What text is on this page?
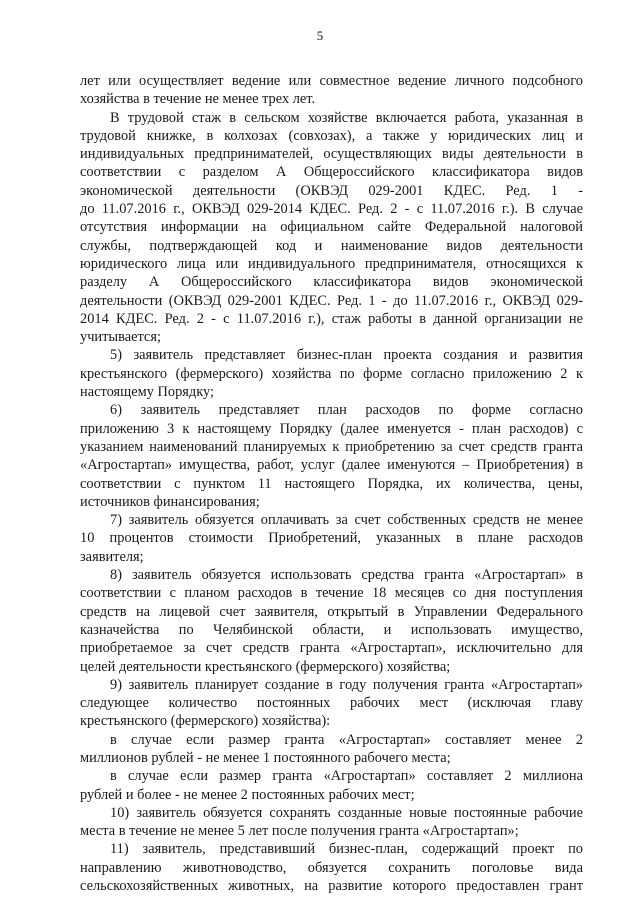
5

лет или осуществляет ведение или совместное ведение личного подсобного

хозяйства в течение не менее трех лет.

В трудовой стаж в сельском хозяйстве включается работа, указанная в

трудовой книжке, в колхозах (совхозах), а также у юридических лиц и

индивидуальных предпринимателей, осуществляющих виды деятельности в

соответствии с разделом А Общероссийского классификатора видов

экономической деятельности (ОКВЭД 029-2001 КДЕС. Ред. 1 -

до 11.07.2016 г., ОКВЭД 029-2014 КДЕС. Ред. 2 - с 11.07.2016 г.). В случае

отсутствия информации на официальном сайте Федеральной налоговой

службы, подтверждающей код и наименование видов деятельности

юридического лица или индивидуального предпринимателя, относящихся к

разделу А Общероссийского классификатора видов экономической

деятельности (ОКВЭД 029-2001 КДЕС. Ред. 1 - до 11.07.2016 г., ОКВЭД 029-

2014 КДЕС. Ред. 2 - с 11.07.2016 г.), стаж работы в данной организации не

учитывается;

5) заявитель представляет бизнес-план проекта создания и развития

крестьянского (фермерского) хозяйства по форме согласно приложению 2 к

настоящему Порядку;

6) заявитель представляет план расходов по форме согласно

приложению 3 к настоящему Порядку (далее именуется - план расходов) с

указанием наименований планируемых к приобретению за счет средств гранта

«Агростартап» имущества, работ, услуг (далее именуются – Приобретения) в

соответствии с пунктом 11 настоящего Порядка, их количества, цены,

источников финансирования;

7) заявитель обязуется оплачивать за счет собственных средств не менее

10 процентов стоимости Приобретений, указанных в плане расходов

заявителя;

8) заявитель обязуется использовать средства гранта «Агростартап» в

соответствии с планом расходов в течение 18 месяцев со дня поступления

средств на лицевой счет заявителя, открытый в Управлении Федерального

казначейства по Челябинской области, и использовать имущество,

приобретаемое за счет средств гранта «Агростартап», исключительно для

целей деятельности крестьянского (фермерского) хозяйства;

9) заявитель планирует создание в году получения гранта «Агростартап»

следующее количество постоянных рабочих мест (исключая главу

крестьянского (фермерского) хозяйства):

в случае если размер гранта «Агростартап» составляет менее 2

миллионов рублей - не менее 1 постоянного рабочего места;

в случае если размер гранта «Агростартап» составляет 2 миллиона

рублей и более - не менее 2 постоянных рабочих мест;

10) заявитель обязуется сохранять созданные новые постоянные рабочие

места в течение не менее 5 лет после получения гранта «Агростартап»;

11) заявитель, представивший бизнес-план, содержащий проект по

направлению животноводство, обязуется сохранить поголовье вида

сельскохозяйственных животных, на развитие которого предоставлен грант
